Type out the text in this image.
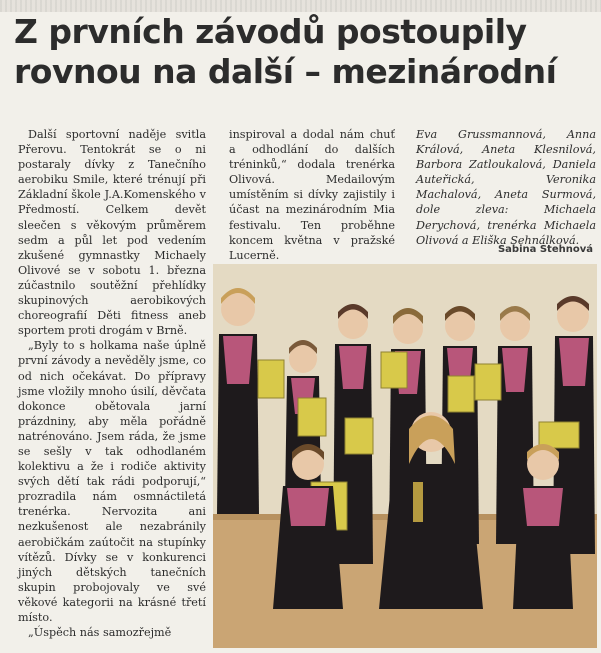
Z prvních závodů postoupily
rovnou na další – mezinárodní

Další sportovní naděje svitla Přerovu. Tentokrát se o ni postaraly dívky z Tanečního aerobiku Smile, které trénují při Základní škole J.A.Komenského v Předmostí. Celkem devět sleečen s věkovým průměrem sedm a půl let pod vedením zkušené gymnastky Michaely Olivové se v sobotu 1. března zúčastnilo soutěžní přehlídky skupinových aerobikových choreografií Děti fitness aneb sportem proti drogám v Brně.

„Byly to s holkama naše úplně první závody a nevěděly jsme, co od nich očekávat. Do přípravy jsme vložily mnoho úsilí, děvčata dokonce obětovala jarní prázdniny, aby měla pořádně natrénováno. Jsem ráda, že jsme se sešly v tak odhodlaném kolektivu a že i rodiče aktivity svých dětí tak rádi podporují,“ prozradila nám osmnáctiletá trenérka. Nervozita ani nezkušenost ale nezabránily aerobičkám zaútočit na stupínky vítězů. Dívky se v konkurenci jiných dětských tanečních skupin probojovaly ve své věkové kategorii na krásné třetí místo.

„Úspěch nás samozřejmě

inspiroval a dodal nám chuť a odhodlání do dalších tréninků,“ dodala trenérka Olivová. Medailovým umístěním si dívky zajistily i účast na mezinárodním Mia festivalu. Ten proběhne koncem května v pražské Lucerně.

Eva Grussmannová, Anna Králová, Aneta Klesnilová, Barbora Zatloukalová, Daniela Auteřická, Veronika Machalová, Aneta Surmová, dole zleva: Michaela Derychová, trenérka Michaela Olivová a Eliška Sehnálková.

Sabina Stehnová
